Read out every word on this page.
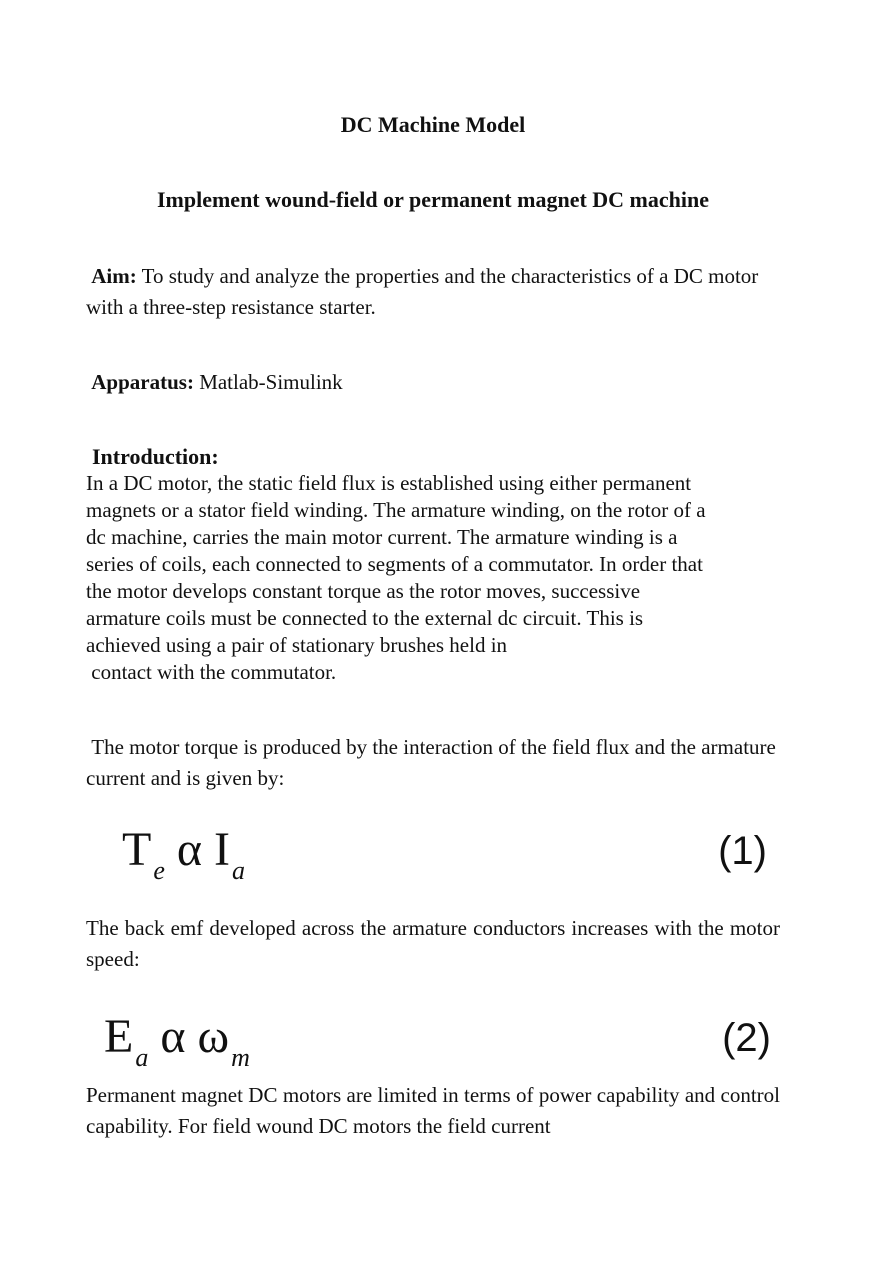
DC Machine Model
Implement wound-field or permanent magnet DC machine
Aim: To study and analyze the properties and the characteristics of a DC motor with a three-step resistance starter.
Apparatus: Matlab-Simulink
Introduction:
In a DC motor, the static field flux is established using either permanent
magnets or a stator field winding. The armature winding, on the rotor of a
dc machine, carries the main motor current. The armature winding is a
series of coils, each connected to segments of a commutator. In order that
the motor develops constant torque as the rotor moves, successive
armature coils must be connected to the external dc circuit. This is
achieved using a pair of stationary brushes held in
contact with the commutator.
The motor torque is produced by the interaction of the field flux and the armature current and is given by:
$T_e$ α $I_a$	(1)
The back emf developed across the armature conductors increases with the motor speed:
$E_a$ α $\omega_m$	(2)
Permanent magnet DC motors are limited in terms of power capability and control capability. For field wound DC motors the field current
